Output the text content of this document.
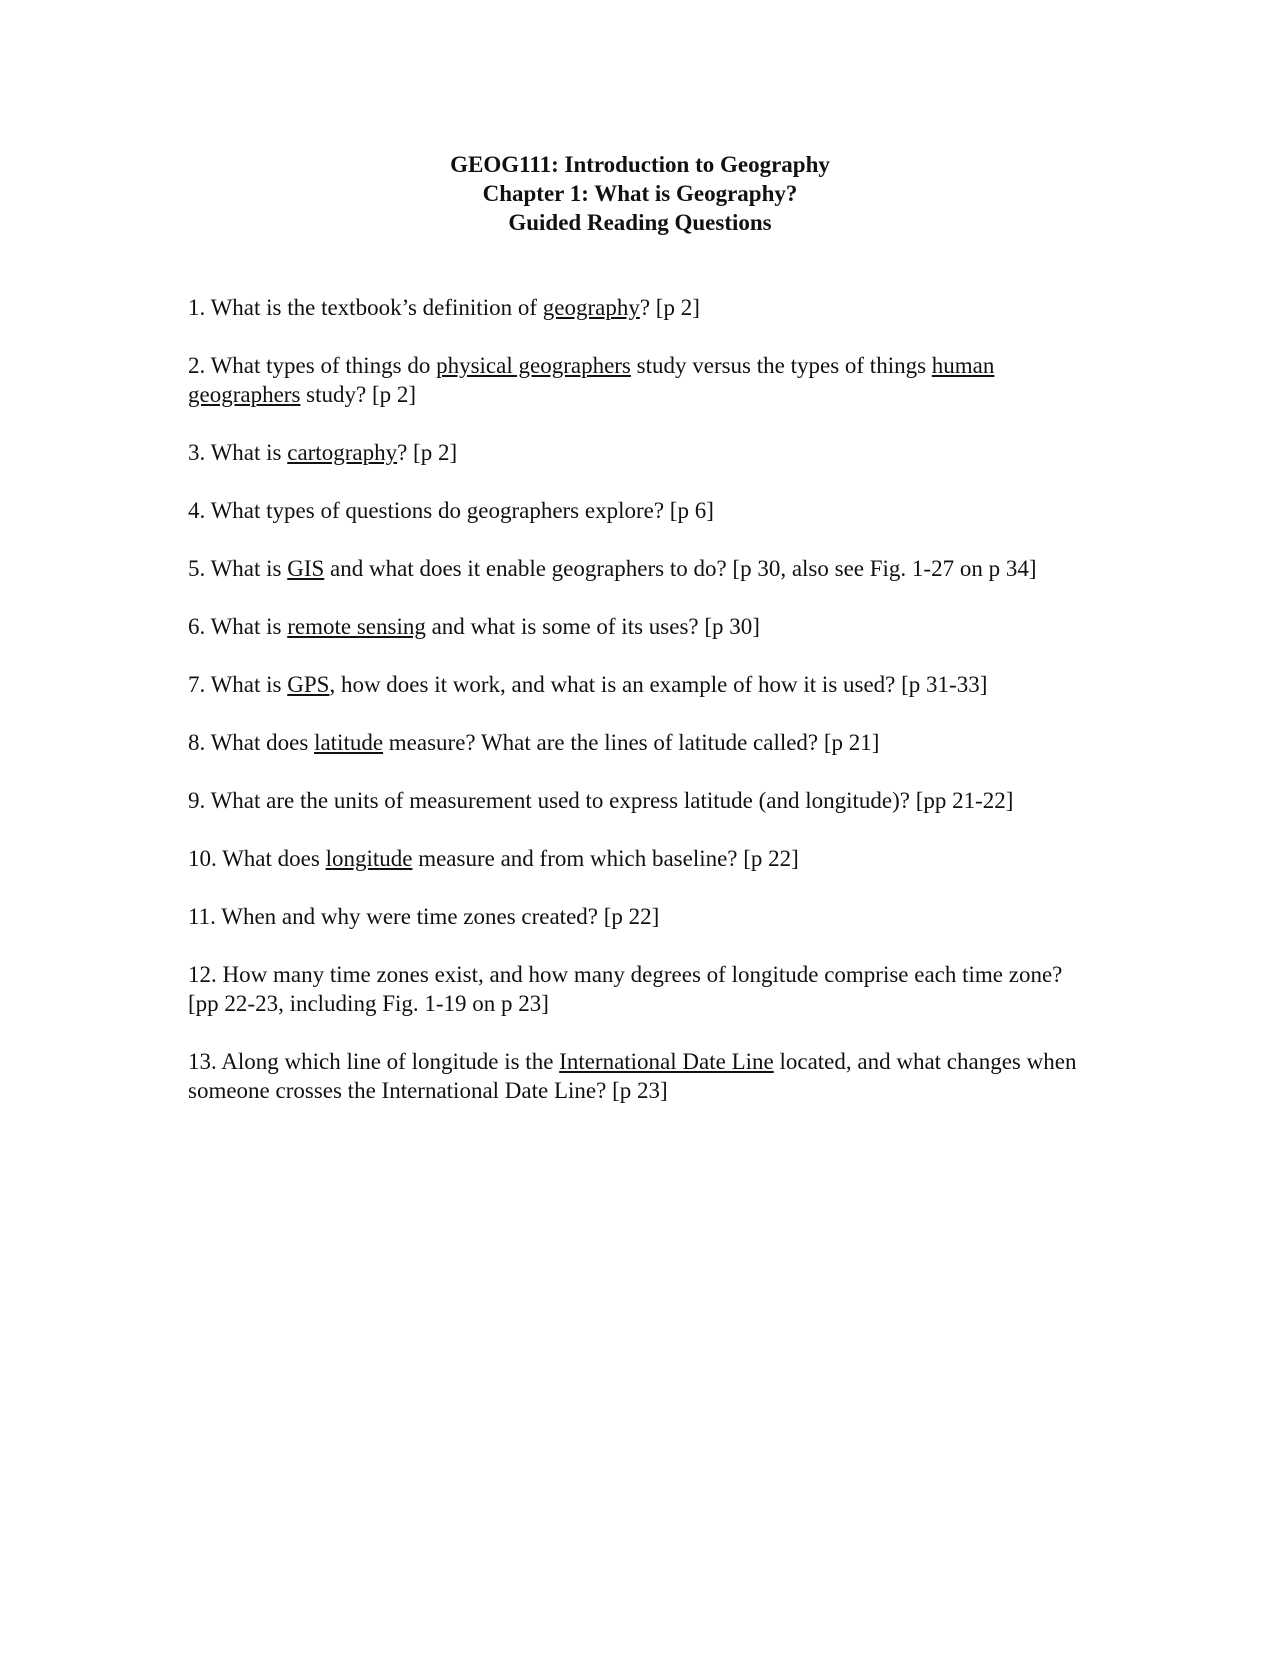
GEOG111: Introduction to Geography
Chapter 1: What is Geography?
Guided Reading Questions
1. What is the textbook’s definition of geography? [p 2]
2. What types of things do physical geographers study versus the types of things human geographers study? [p 2]
3. What is cartography? [p 2]
4. What types of questions do geographers explore? [p 6]
5. What is GIS and what does it enable geographers to do? [p 30, also see Fig. 1-27 on p 34]
6. What is remote sensing and what is some of its uses? [p 30]
7. What is GPS, how does it work, and what is an example of how it is used? [p 31-33]
8. What does latitude measure? What are the lines of latitude called? [p 21]
9. What are the units of measurement used to express latitude (and longitude)? [pp 21-22]
10. What does longitude measure and from which baseline? [p 22]
11. When and why were time zones created? [p 22]
12. How many time zones exist, and how many degrees of longitude comprise each time zone? [pp 22-23, including Fig. 1-19 on p 23]
13. Along which line of longitude is the International Date Line located, and what changes when someone crosses the International Date Line? [p 23]
